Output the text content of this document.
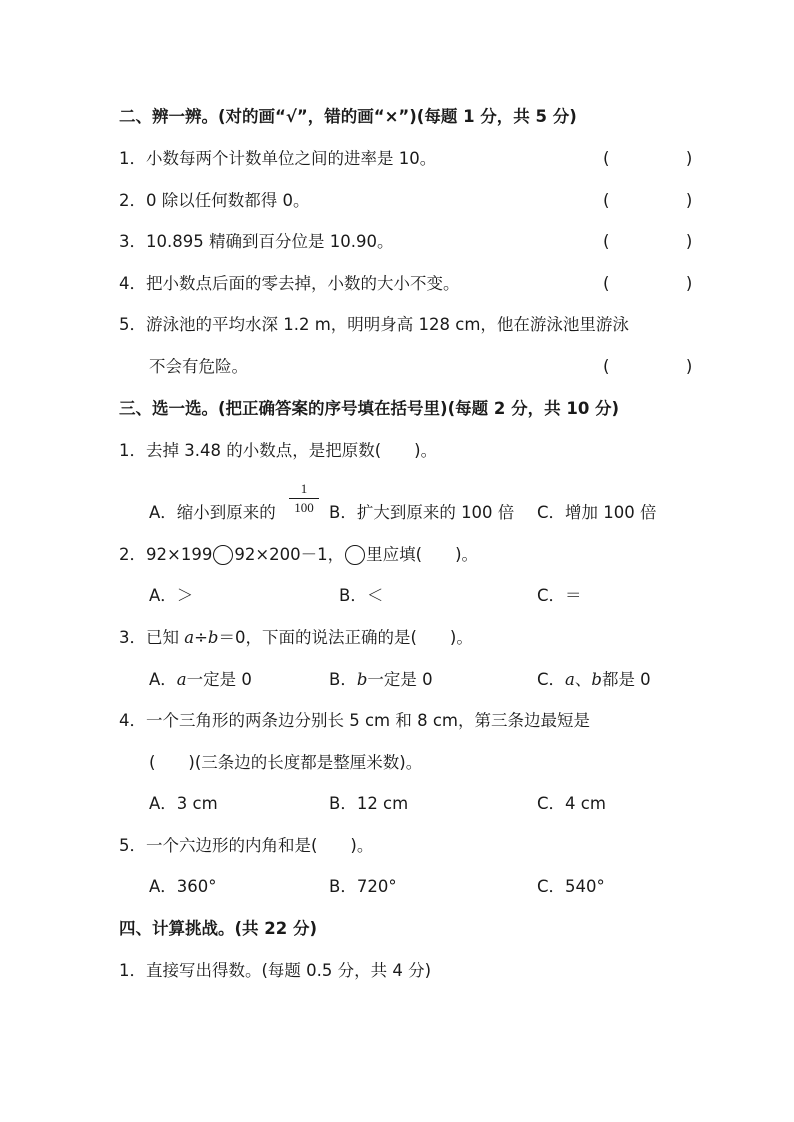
二、辨一辨。(对的画“√”，错的画“×”)(每题 1 分，共 5 分)
1．小数每两个计数单位之间的进率是 10。	(　)
2．0 除以任何数都得 0。	(　)
3．10.895 精确到百分位是 10.90。	(　)
4．把小数点后面的零去掉，小数的大小不变。	(　)
5．游泳池的平均水深 1.2 m，明明身高 128 cm，他在游泳池里游泳
不会有危险。	(　)
三、选一选。(把正确答案的序号填在括号里)(每题 2 分，共 10 分)
1．去掉 3.48 的小数点，是把原数(　　)。
A．缩小到原来的
1
100 B．扩大到原来的 100 倍 C．增加 100 倍
2．92×199 92×200－1， 里应填(　　)。
A．＞	B．＜	C．＝
3．已知 a÷b＝0，下面的说法正确的是(　　)。
A．a一定是 0	B．b一定是 0	C．a、b都是 0
4．一个三角形的两条边分别长 5 cm 和 8 cm，第三条边最短是
(　　)(三条边的长度都是整厘米数)。
A．3 cm	B．12 cm	C．4 cm
5．一个六边形的内角和是(　　)。
A．360°	B．720°	C．540°
四、计算挑战。(共 22 分)
1．直接写出得数。(每题 0.5 分，共 4 分)
